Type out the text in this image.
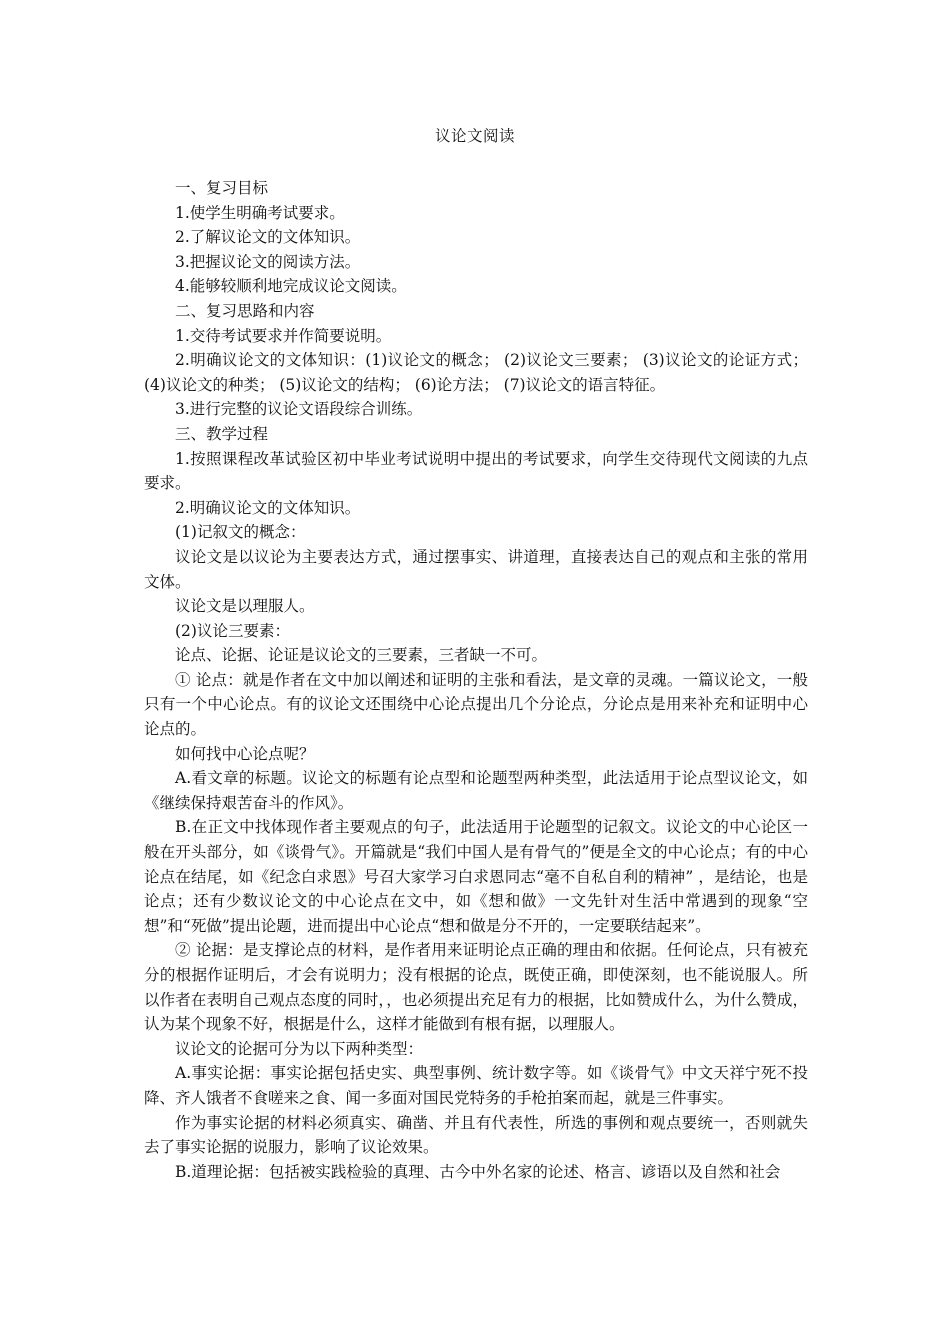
议论文阅读

一、复习目标

1.使学生明确考试要求。

2.了解议论文的文体知识。

3.把握议论文的阅读方法。

4.能够较顺利地完成议论文阅读。

二、复习思路和内容

1.交待考试要求并作简要说明。

2.明确议论文的文体知识：(1)议论文的概念； (2)议论文三要素； (3)议论文的论证方式； (4)议论文的种类； (5)议论文的结构； (6)论方法； (7)议论文的语言特征。

3.进行完整的议论文语段综合训练。

三、教学过程

1.按照课程改革试验区初中毕业考试说明中提出的考试要求，向学生交待现代文阅读的九点要求。

2.明确议论文的文体知识。

(1)记叙文的概念：

议论文是以议论为主要表达方式，通过摆事实、讲道理，直接表达自己的观点和主张的常用文体。

议论文是以理服人。

(2)议论三要素：

论点、论据、论证是议论文的三要素，三者缺一不可。

① 论点：就是作者在文中加以阐述和证明的主张和看法，是文章的灵魂。一篇议论文，一般只有一个中心论点。有的议论文还围绕中心论点提出几个分论点，分论点是用来补充和证明中心论点的。

如何找中心论点呢？

A.看文章的标题。议论文的标题有论点型和论题型两种类型，此法适用于论点型议论文，如《继续保持艰苦奋斗的作风》。

B.在正文中找体现作者主要观点的句子，此法适用于论题型的记叙文。议论文的中心论区一般在开头部分，如《谈骨气》。开篇就是“我们中国人是有骨气的”便是全文的中心论点；有的中心论点在结尾，如《纪念白求恩》号召大家学习白求恩同志“毫不自私自利的精神” ，是结论，也是论点；还有少数议论文的中心论点在文中，如《想和做》一文先针对生活中常遇到的现象“空想”和“死做”提出论题，进而提出中心论点“想和做是分不开的，一定要联结起来”。

② 论据：是支撑论点的材料，是作者用来证明论点正确的理由和依据。任何论点，只有被充分的根据作证明后，才会有说明力；没有根据的论点，既使正确，即使深刻，也不能说服人。所以作者在表明自己观点态度的同时，，也必须提出充足有力的根据，比如赞成什么，为什么赞成，认为某个现象不好，根据是什么，这样才能做到有根有据，以理服人。

议论文的论据可分为以下两种类型：

A.事实论据：事实论据包括史实、典型事例、统计数字等。如《谈骨气》中文天祥宁死不投降、齐人饿者不食嗟来之食、闻一多面对国民党特务的手枪拍案而起，就是三件事实。

作为事实论据的材料必须真实、确凿、并且有代表性，所选的事例和观点要统一，否则就失去了事实论据的说服力，影响了议论效果。

B.道理论据：包括被实践检验的真理、古今中外名家的论述、格言、谚语以及自然和社会
